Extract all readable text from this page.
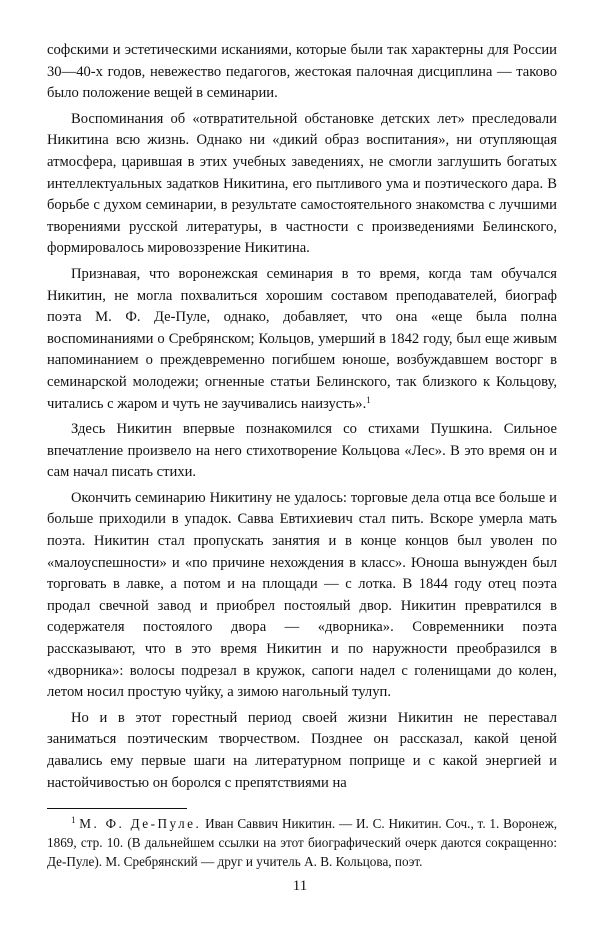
софскими и эстетическими исканиями, которые были так характерны для России 30—40-х годов, невежество педагогов, жестокая палочная дисциплина — таково было положение вещей в семинарии.

Воспоминания об «отвратительной обстановке детских лет» преследовали Никитина всю жизнь. Однако ни «дикий образ воспитания», ни отупляющая атмосфера, царившая в этих учебных заведениях, не смогли заглушить богатых интеллектуальных задатков Никитина, его пытливого ума и поэтического дара. В борьбе с духом семинарии, в результате самостоятельного знакомства с лучшими творениями русской литературы, в частности с произведениями Белинского, формировалось мировоззрение Никитина.

Признавая, что воронежская семинария в то время, когда там обучался Никитин, не могла похвалиться хорошим составом преподавателей, биограф поэта М. Ф. Де-Пуле, однако, добавляет, что она «еще была полна воспоминаниями о Сребрянском; Кольцов, умерший в 1842 году, был еще живым напоминанием о преждевременно погибшем юноше, возбуждавшем восторг в семинарской молодежи; огненные статьи Белинского, так близкого к Кольцову, читались с жаром и чуть не заучивались наизусть».$^1$

Здесь Никитин впервые познакомился со стихами Пушкина. Сильное впечатление произвело на него стихотворение Кольцова «Лес». В это время он и сам начал писать стихи.

Окончить семинарию Никитину не удалось: торговые дела отца все больше и больше приходили в упадок. Савва Евтихиевич стал пить. Вскоре умерла мать поэта. Никитин стал пропускать занятия и в конце концов был уволен по «малоуспешности» и «по причине нехождения в класс». Юноша вынужден был торговать в лавке, а потом и на площади — с лотка. В 1844 году отец поэта продал свечной завод и приобрел постоялый двор. Никитин превратился в содержателя постоялого двора — «дворника». Современники поэта рассказывают, что в это время Никитин и по наружности преобразился в «дворника»: волосы подрезал в кружок, сапоги надел с голенищами до колен, летом носил простую чуйку, а зимою нагольный тулуп.

Но и в этот горестный период своей жизни Никитин не переставал заниматься поэтическим творчеством. Позднее он рассказал, какой ценой давались ему первые шаги на литературном поприще и с какой энергией и настойчивостью он боролся с препятствиями на

$^1$ М. Ф. Де-Пуле. Иван Саввич Никитин. — И. С. Никитин. Соч., т. 1. Воронеж, 1869, стр. 10. (В дальнейшем ссылки на этот биографический очерк даются сокращенно: Де-Пуле). М. Сребрянский — друг и учитель А. В. Кольцова, поэт.

11
